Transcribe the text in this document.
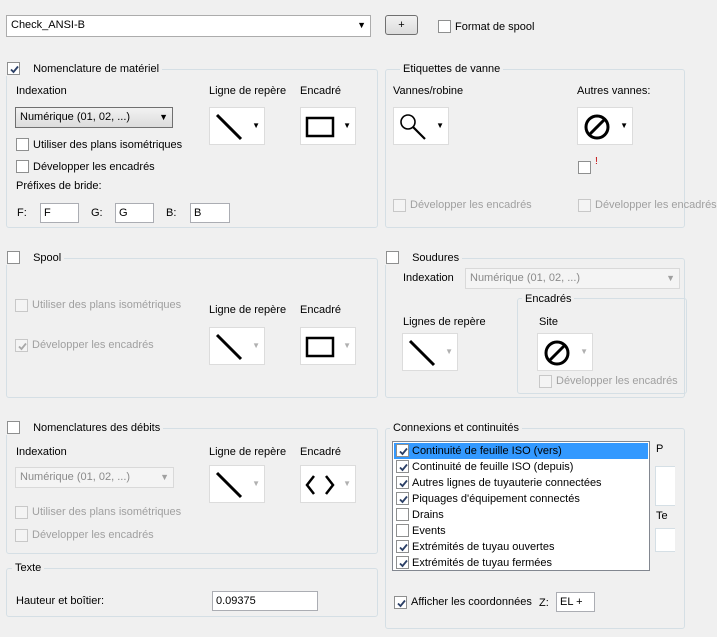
Check_ANSI-B	▼	+	Format de spool
Nomenclature de matériel
Indexation	Ligne de repère Encadré
Numérique (01, 02, ...)	▼
▼	▼
Utiliser des plans isométriques
Développer les encadrés
Préfixes de bride:
F:	F	G:	G	B:	B
Etiquettes de vanne
Vannes/robine	Autres vannes:
▼	▼
!
Développer les encadrés	Développer les encadrés
Spool
Ligne de repère Encadré
Utiliser des plans isométriques
Développer les encadrés	▼	▼
Soudures
Indexation	Numérique (01, 02, ...)	▼
Lignes de repère
▼
Encadrés
Site
▼
Développer les encadrés
Nomenclatures des débits
Indexation	Ligne de repère Encadré
Numérique (01, 02, ...)	▼
▼	▼
Utiliser des plans isométriques
Développer les encadrés
Connexions et continuités
Continuité de feuille ISO (vers)
Continuité de feuille ISO (depuis)
Autres lignes de tuyauterie connectées
Piquages d'équipement connectés
Drains
Events
Extrémités de tuyau ouvertes
Extrémités de tuyau fermées
P
Te
Afficher les coordonnées Z:	EL +
Texte
Hauteur et boîtier:	0.09375
